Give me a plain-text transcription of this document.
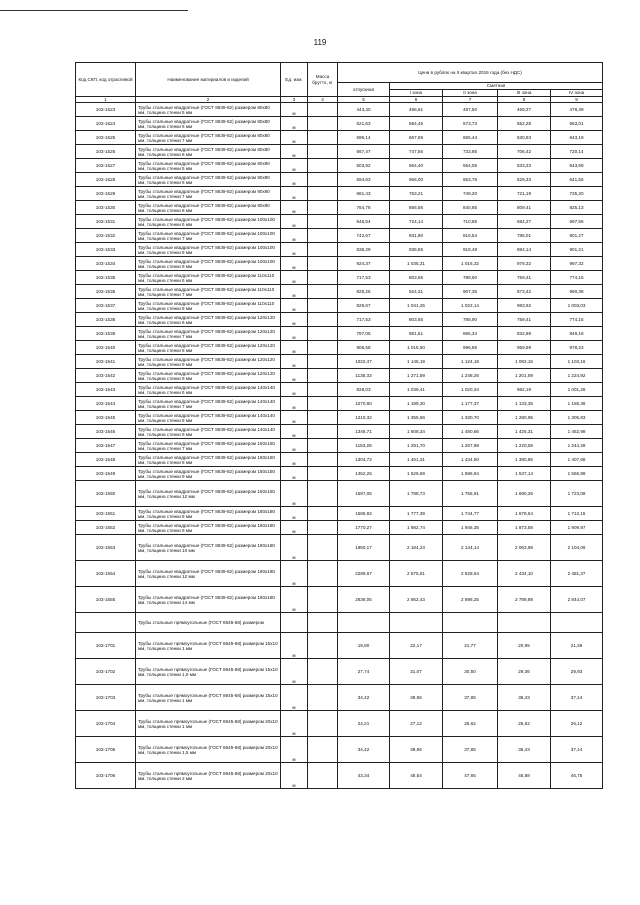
119
Код СКП, код отраслевой	Наименование материалов и изделий	Ед. изм.	Масса брутто, кг	Цена в рублях на II квартал 2016 года (без НДС)				
				отпускная	Сметная			
					I зона	II зона	III зона	IV зона
1	2	3	4	5	6	7	8	9
103-1523	Трубы стальные квадратные (ГОСТ 8639-82) размером 80х80 мм, толщина стенки 5 мм	м		443,40	496,61	487,50	469,27	478,39
103-1524	Трубы стальные квадратные (ГОСТ 8639-82) размером 80х80 мм, толщина стенки 6 мм	м		521,63	584,45	573,73	552,28	563,01
103-1525	Трубы стальные квадратные (ГОСТ 8639-82) размером 80х80 мм, толщина стенки 7 мм	м		596,14	667,69	655,44	630,93	643,19
103-1526	Трубы стальные квадратные (ГОСТ 8639-82) размером 80х80 мм, толщина стенки 8 мм	м		667,47	747,56	733,86	706,42	720,14
103-1527	Трубы стальные квадратные (ГОСТ 8639-82) размером 90х90 мм, толщина стенки 5 мм	м		503,92	564,40	554,05	533,33	543,69
103-1528	Трубы стальные квадратные (ГОСТ 8639-82) размером 90х90 мм, толщина стенки 6 мм	м		594,63	666,00	653,78	629,33	641,55
103-1529	Трубы стальные квадратные (ГОСТ 8639-82) размером 90х90 мм, толщина стенки 7 мм	м		681,43	763,21	749,20	721,19	735,20
103-1530	Трубы стальные квадратные (ГОСТ 8639-82) размером 90х90 мм, толщина стенки 8 мм	м		764,78	856,56	840,85	809,41	825,13
103-1531	Трубы стальные квадратные (ГОСТ 8639-82) размером 100х100 мм, толщина стенки 6 мм	м		646,54	724,14	710,85	684,27	697,55
103-1532	Трубы стальные квадратные (ГОСТ 8639-82) размером 100х100 мм, толщина стенки 7 мм	м		742,67	831,80	816,54	786,01	801,27
103-1533	Трубы стальные квадратные (ГОСТ 8639-82) размером 100х100 мм, толщина стенки 8 мм	м		835,29	935,55	918,48	884,14	901,21
103-1534	Трубы стальные квадратные (ГОСТ 8639-82) размером 100х100 мм, толщина стенки 9 мм	м		924,37	1 035,31	1 016,32	978,32	997,32
103-1535	Трубы стальные квадратные (ГОСТ 8639-82) размером 110х110 мм, толщина стенки 6 мм	м		717,53	803,65	788,90	759,41	774,15
103-1536	Трубы стальные квадратные (ГОСТ 8639-82) размером 110х110 мм, толщина стенки 7 мм	м		825,26	924,31	907,35	873,42	890,38
103-1537	Трубы стальные квадратные (ГОСТ 8639-82) размером 110х110 мм, толщина стенки 8 мм	м		929,67	1 041,25	1 022,14	983,92	1 003,03
103-1538	Трубы стальные квадратные (ГОСТ 8639-82) размером 120х120 мм, толщина стенки 6 мм	м		717,53	803,65	788,90	759,41	774,15
103-1539	Трубы стальные квадратные (ГОСТ 8639-82) размером 120х120 мм, толщина стенки 7 мм	м		787,05	881,51	865,34	832,99	849,18
103-1540	Трубы стальные квадратные (ГОСТ 8639-82) размером 120х120 мм, толщина стенки 8 мм	м		906,68	1 015,50	996,86	959,59	978,23
103-1541	Трубы стальные квадратные (ГОСТ 8639-82) размером 120х120 мм, толщина стенки 9 мм	м		1022,47	1 145,19	1 124,18	1 082,15	1 103,16
103-1542	Трубы стальные квадратные (ГОСТ 8639-82) размером 120х120 мм, толщина стенки 9 мм	м		1135,33	1 271,59	1 248,26	1 201,59	1 224,92
103-1543	Трубы стальные квадратные (ГОСТ 8639-82) размером 140х140 мм, толщина стенки 6 мм	м		928,03	1 039,41	1 020,34	982,19	1 001,26
103-1544	Трубы стальные квадратные (ГОСТ 8639-82) размером 140х140 мм, толщина стенки 7 мм	м		1070,80	1 199,30	1 177,37	1 133,35	1 155,36
103-1545	Трубы стальные квадратные (ГОСТ 8639-82) размером 140х140 мм, толщина стенки 8 мм	м		1210,32	1 355,56	1 330,70	1 280,95	1 305,83
103-1546	Трубы стальные квадратные (ГОСТ 8639-82) размером 140х140 мм, толщина стенки 9 мм	м		1346,71	1 508,34	1 480,66	1 425,31	1 452,98
103-1547	Трубы стальные квадратные (ГОСТ 8639-82) размером 150х150 мм, толщина стенки 7 мм	м		1153,28	1 291,70	1 267,98	1 220,58	1 244,28
103-1548	Трубы стальные квадратные (ГОСТ 8639-82) размером 150х150 мм, толщина стенки 8 мм	м		1304,72	1 461,31	1 434,50	1 380,86	1 407,68
103-1549	Трубы стальные квадратные (ГОСТ 8639-82) размером 150х150 мм, толщина стенки 9 мм	м		1452,25	1 626,69	1 596,84	1 537,14	1 566,99
103-1550	Трубы стальные квадратные (ГОСТ 8639-82) размером 150х150 мм, толщина стенки 12 мм	м		1597,05	1 788,73	1 755,91	1 690,26	1 723,08
103-1551	Трубы стальные квадратные (ГОСТ 8639-82) размером 180х180 мм, толщина стенки 8 мм	м		1586,92	1 777,39	1 744,77	1 679,54	1 712,15
103-1552	Трубы стальные квадратные (ГОСТ 8639-82) размером 180х180 мм, толщина стенки 9 мм	м		1770,27	1 982,74	1 946,35	1 873,58	1 909,97
103-1553	Трубы стальные квадратные (ГОСТ 8639-82) размером 180х180 мм, толщина стенки 10 мм	м		1950,17	2 184,23	2 144,14	2 063,98	2 104,06
103-1554	Трубы стальные квадратные (ГОСТ 8639-82) размером 180х180 мм, толщина стенки 12 мм	м		2299,67	2 575,61	2 528,64	2 434,10	2 481,37
103-1555	Трубы стальные квадратные (ГОСТ 8639-82) размером 180х180 мм, толщина стенки 14 мм	м		2636,05	2 952,43	2 898,25	2 789,89	2 844,07
	Трубы стальные прямоугольные (ГОСТ 8645-68) размером							
103-1701	Трубы стальные прямоугольные (ГОСТ 8645-68) размером 15х10 мм, толщина стенки 1 мм	м		19,80	22,17	21,77	20,95	21,36
103-1702	Трубы стальные прямоугольные (ГОСТ 8645-68) размером 15х10 мм, толщина стенки 1,5 мм	м		27,74	31,07	30,50	29,36	29,93
103-1703	Трубы стальные прямоугольные (ГОСТ 8645-68) размером 15х10 мм, толщина стенки 1 мм	м		34,42	38,56	37,85	36,43	37,14
103-1704	Трубы стальные прямоугольные (ГОСТ 8645-68) размером 20х10 мм, толщина стенки 1 мм	м		24,21	27,12	26,62	25,62	26,12
103-1705	Трубы стальные прямоугольные (ГОСТ 8645-68) размером 20х10 мм, толщина стенки 1,5 мм	м		34,42	38,56	37,85	36,43	37,14
103-1706	Трубы стальные прямоугольные (ГОСТ 8645-68) размером 20х10 мм, толщина стенки 2 мм	м		43,34	48,54	47,65	45,88	46,75
